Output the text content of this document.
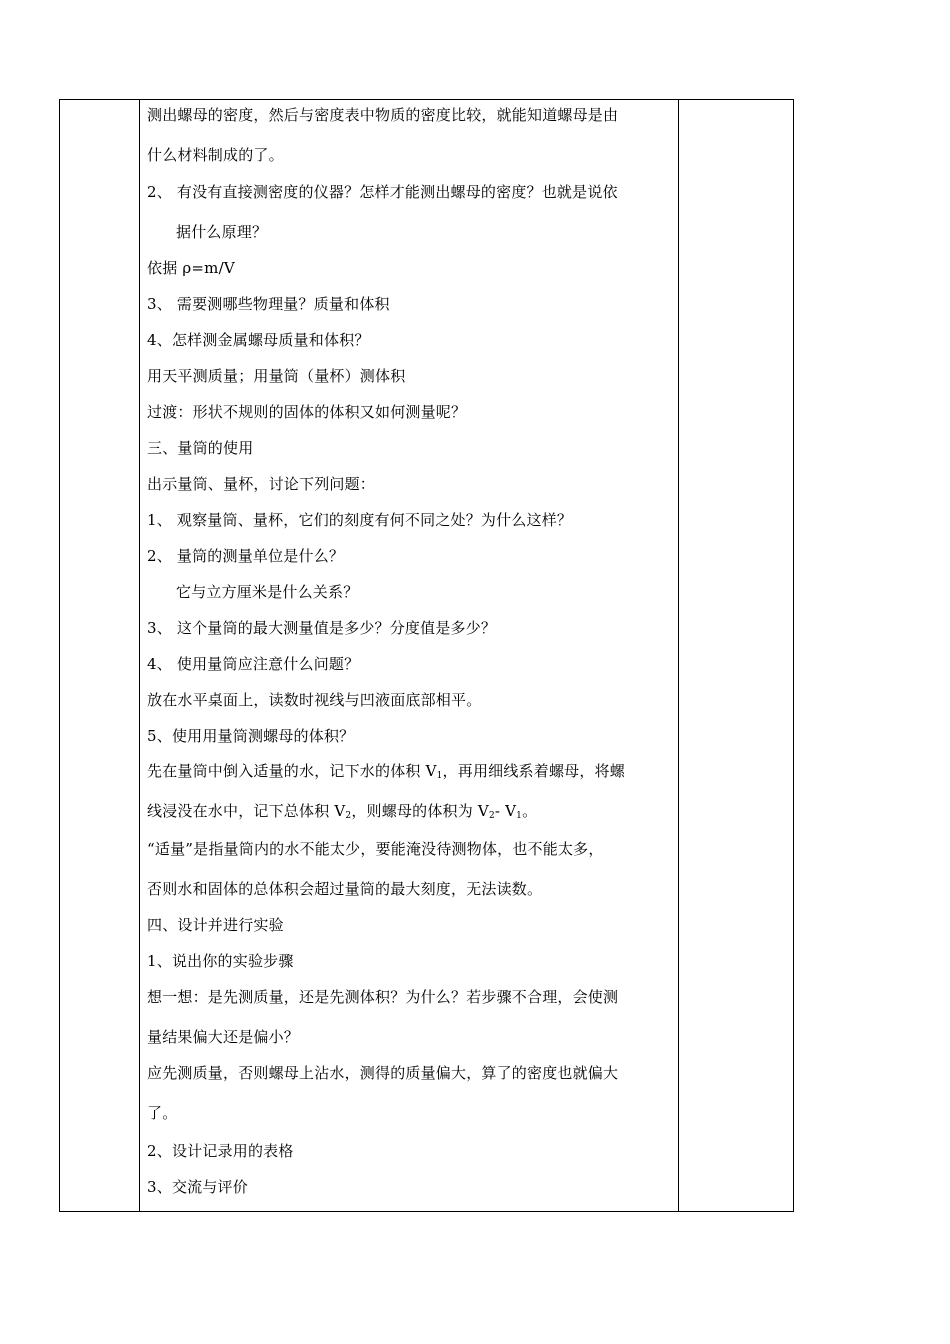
测出螺母的密度，然后与密度表中物质的密度比较，就能知道螺母是由
什么材料制成的了。
2、 有没有直接测密度的仪器？怎样才能测出螺母的密度？也就是说依
据什么原理？
依据 ρ=m/V
3、 需要测哪些物理量？质量和体积
4、怎样测金属螺母质量和体积？
用天平测质量；用量筒（量杯）测体积
过渡：形状不规则的固体的体积又如何测量呢？
三、量筒的使用
出示量筒、量杯，讨论下列问题：
1、 观察量筒、量杯，它们的刻度有何不同之处？为什么这样？
2、 量筒的测量单位是什么？
它与立方厘米是什么关系？
3、 这个量筒的最大测量值是多少？分度值是多少？
4、 使用量筒应注意什么问题？
放在水平桌面上，读数时视线与凹液面底部相平。
5、使用用量筒测螺母的体积？
先在量筒中倒入适量的水，记下水的体积 $V_1$，再用细线系着螺母，将螺
线浸没在水中，记下总体积 $V_2$，则螺母的体积为 $V_2-$ $V_1$。
“适量”是指量筒内的水不能太少，要能淹没待测物体，也不能太多，
否则水和固体的总体积会超过量筒的最大刻度，无法读数。
四、设计并进行实验
1、说出你的实验步骤
想一想：是先测质量，还是先测体积？为什么？若步骤不合理，会使测
量结果偏大还是偏小？
应先测质量，否则螺母上沾水，测得的质量偏大，算了的密度也就偏大
了。
2、设计记录用的表格
3、交流与评价
